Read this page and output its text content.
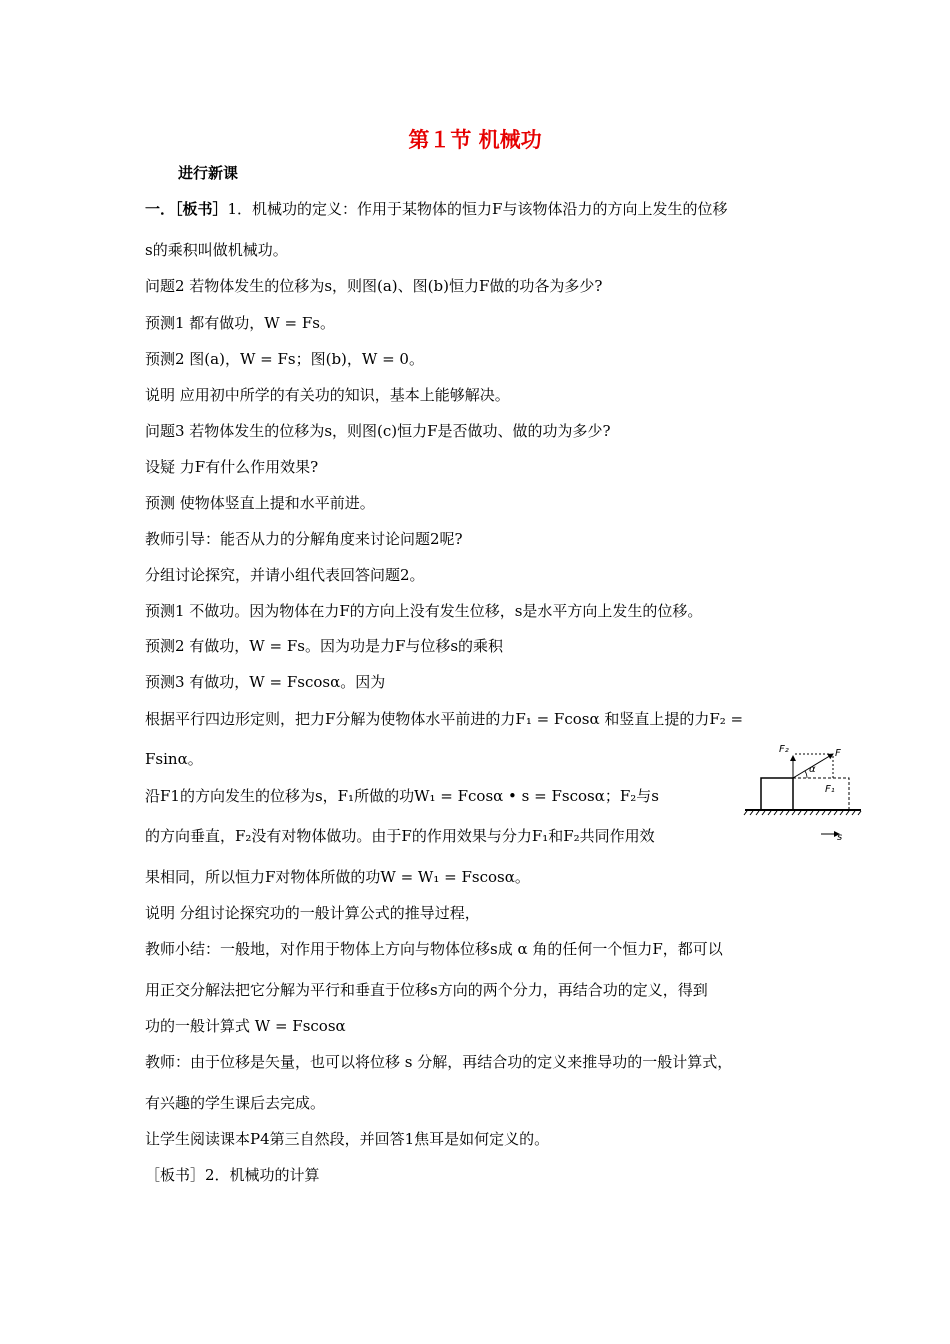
第１节 机械功
进行新课
一．［板书］1．机械功的定义：作用于某物体的恒力F与该物体沿力的方向上发生的位移
s的乘积叫做机械功。
问题2 若物体发生的位移为s，则图(a)、图(b)恒力F做的功各为多少?
预测1 都有做功，W = Fs。
预测2 图(a)，W = Fs；图(b)，W = 0。
说明 应用初中所学的有关功的知识，基本上能够解决。
问题3 若物体发生的位移为s，则图(c)恒力F是否做功、做的功为多少?
设疑 力F有什么作用效果?
预测 使物体竖直上提和水平前进。
教师引导：能否从力的分解角度来讨论问题2呢?
分组讨论探究，并请小组代表回答问题2。
预测1 不做功。因为物体在力F的方向上没有发生位移，s是水平方向上发生的位移。
预测2 有做功，W = Fs。因为功是力F与位移s的乘积
预测3 有做功，W = Fscosα。因为
根据平行四边形定则，把力F分解为使物体水平前进的力F₁ = Fcosα 和竖直上提的力F₂ =
Fsinα。
沿F1的方向发生的位移为s，F₁所做的功W₁ = Fcosα • s = Fscosα；F₂与s
的方向垂直，F₂没有对物体做功。由于F的作用效果与分力F₁和F₂共同作用效
果相同，所以恒力F对物体所做的功W = W₁ = Fscosα。
说明 分组讨论探究功的一般计算公式的推导过程，
教师小结：一般地，对作用于物体上方向与物体位移s成 α 角的任何一个恒力F，都可以
用正交分解法把它分解为平行和垂直于位移s方向的两个分力，再结合功的定义，得到
功的一般计算式 W = Fscosα
教师：由于位移是矢量，也可以将位移 s 分解，再结合功的定义来推导功的一般计算式，
有兴趣的学生课后去完成。
让学生阅读课本P4第三自然段，并回答1焦耳是如何定义的。
［板书］2．机械功的计算
F₂	F
α
F₁
s
